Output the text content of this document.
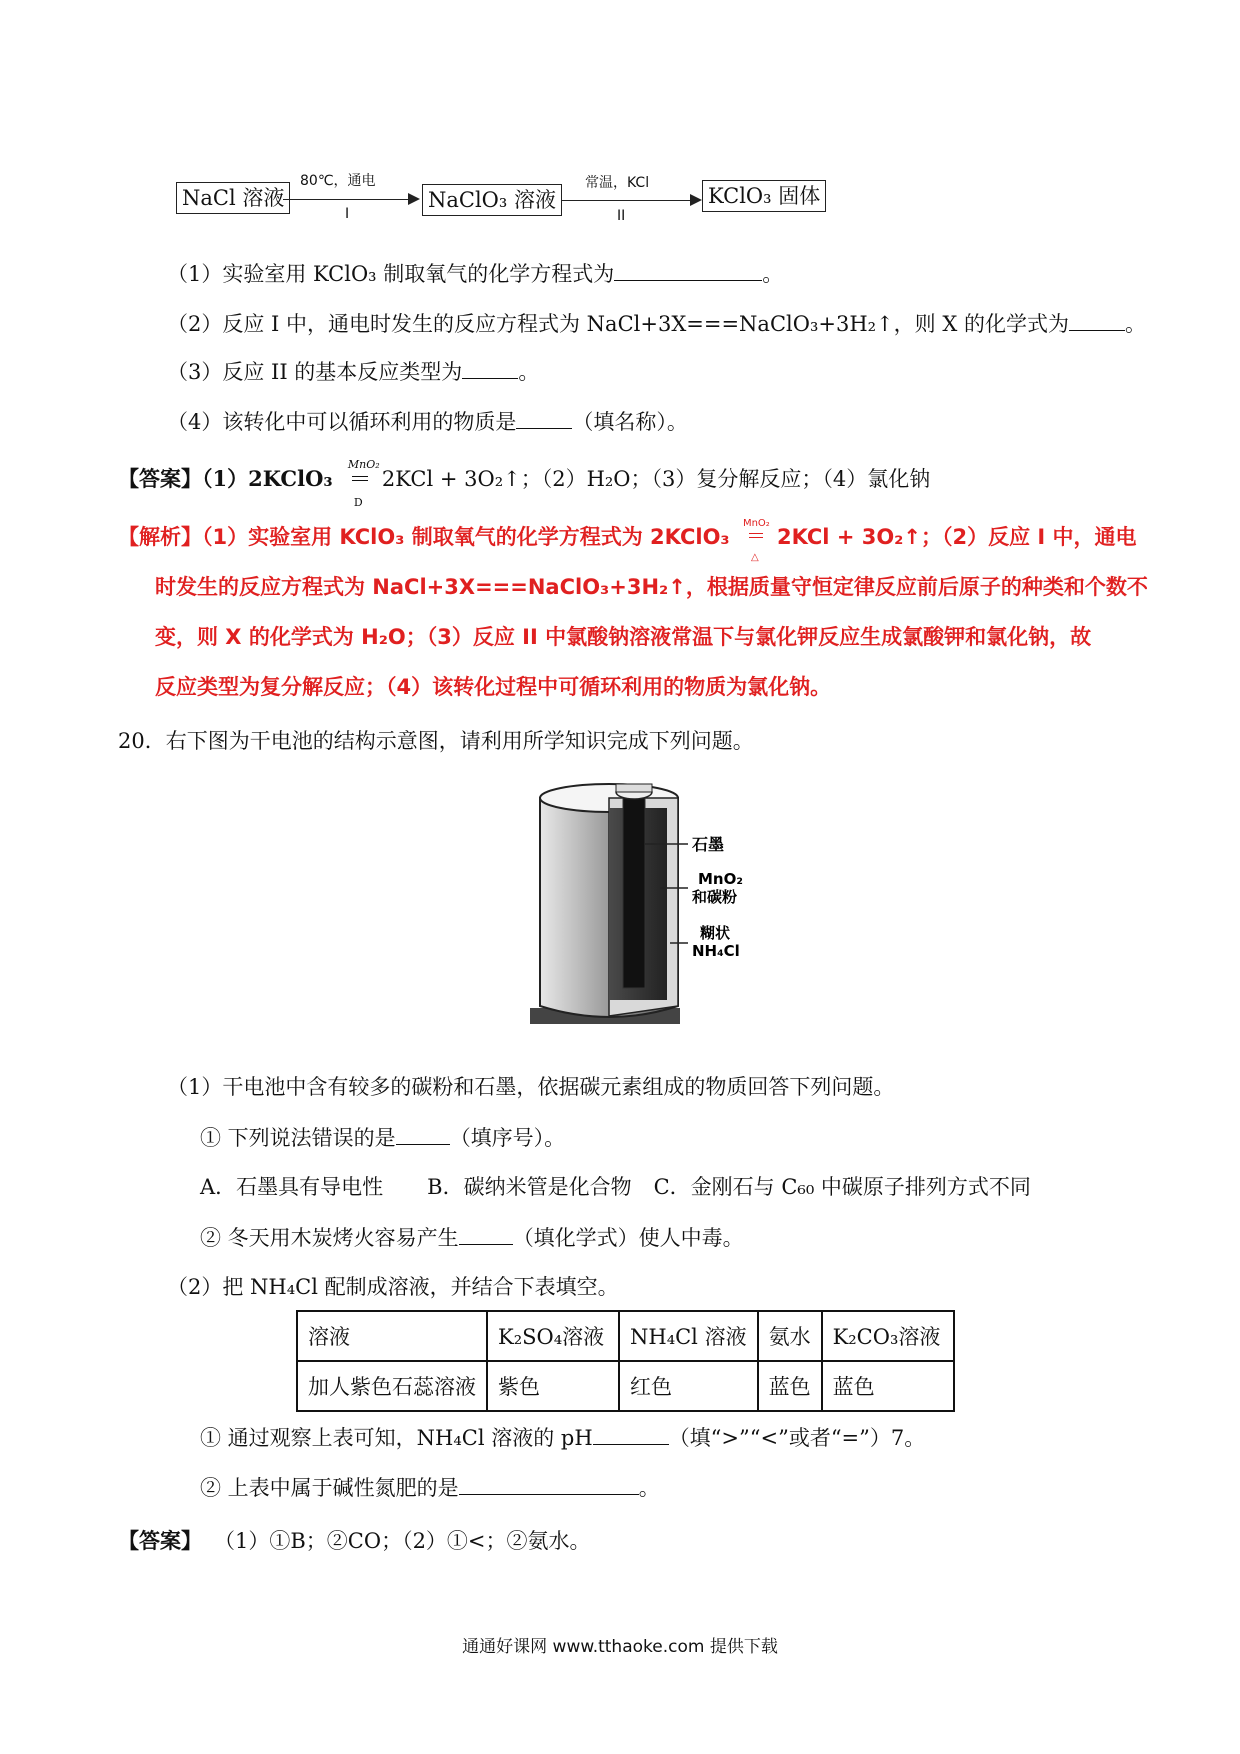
NaCl 溶液
80℃，通电
I
NaClO₃ 溶液
常温，KCl
II
KClO₃ 固体
（1）实验室用 KClO₃ 制取氧气的化学方程式为	。
（2）反应 I 中，通电时发生的反应方程式为 NaCl+3X===NaClO₃+3H₂↑，则 X 的化学式为	。
（3）反应 II 的基本反应类型为	。
（4）该转化中可以循环利用的物质是	（填名称）。
【答案】（1）2KClO₃
MnO₂
D
2KCl + 3O₂↑；（2）H₂O；（3）复分解反应；（4）氯化钠
【解析】（1）实验室用 KClO₃ 制取氧气的化学方程式为 2KClO₃
MnO₂
△
2KCl + 3O₂↑；（2）反应 I 中，通电
时发生的反应方程式为 NaCl+3X===NaClO₃+3H₂↑，根据质量守恒定律反应前后原子的种类和个数不
变，则 X 的化学式为 H₂O；（3）反应 II 中氯酸钠溶液常温下与氯化钾反应生成氯酸钾和氯化钠，故
反应类型为复分解反应；（4）该转化过程中可循环利用的物质为氯化钠。
20．右下图为干电池的结构示意图，请利用所学知识完成下列问题。
石墨
MnO₂
和碳粉
糊状
NH₄Cl
（1）干电池中含有较多的碳粉和石墨，依据碳元素组成的物质回答下列问题。
① 下列说法错误的是	（填序号）。
A．石墨具有导电性 B．碳纳米管是化合物 C．金刚石与 C₆₀ 中碳原子排列方式不同
② 冬天用木炭烤火容易产生	（填化学式）使人中毒。
（2）把 NH₄Cl 配制成溶液，并结合下表填空。
溶液	K₂SO₄溶液	NH₄Cl 溶液	氨水	K₂CO₃溶液
加人紫色石蕊溶液	紫色	红色	蓝色	蓝色
① 通过观察上表可知，NH₄Cl 溶液的 pH	（填“>”“<”或者“=”）7。
② 上表中属于碱性氮肥的是	。
【答案】 （1）①B；②CO；（2）①<；②氨水。
通通好课网 www.tthaoke.com 提供下载
